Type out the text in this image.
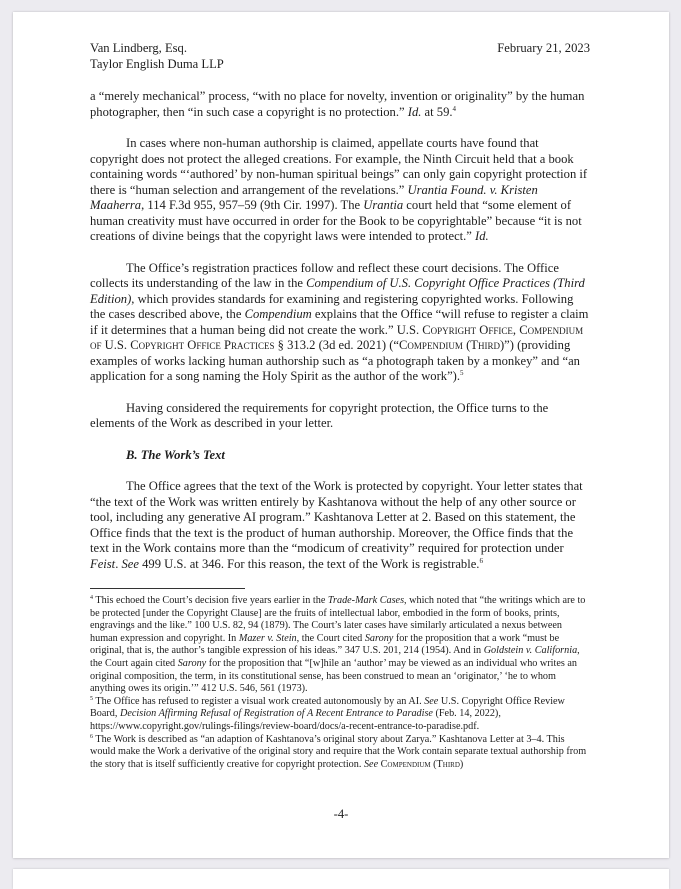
Van Lindberg, Esq.
Taylor English Duma LLP
February 21, 2023

a “merely mechanical” process, “with no place for novelty, invention or originality” by the human photographer, then “in such case a copyright is no protection.” Id. at 59.$^4$

In cases where non-human authorship is claimed, appellate courts have found that copyright does not protect the alleged creations. For example, the Ninth Circuit held that a book containing words “‘authored’ by non-human spiritual beings” can only gain copyright protection if there is “human selection and arrangement of the revelations.” Urantia Found. v. Kristen Maaherra, 114 F.3d 955, 957–59 (9th Cir. 1997). The Urantia court held that “some element of human creativity must have occurred in order for the Book to be copyrightable” because “it is not creations of divine beings that the copyright laws were intended to protect.” Id.

The Office’s registration practices follow and reflect these court decisions. The Office collects its understanding of the law in the Compendium of U.S. Copyright Office Practices (Third Edition), which provides standards for examining and registering copyrighted works. Following the cases described above, the Compendium explains that the Office “will refuse to register a claim if it determines that a human being did not create the work.” U.S. Copyright Office, Compendium of U.S. Copyright Office Practices § 313.2 (3d ed. 2021) (“Compendium (Third)”) (providing examples of works lacking human authorship such as “a photograph taken by a monkey” and “an application for a song naming the Holy Spirit as the author of the work”).$^5$

Having considered the requirements for copyright protection, the Office turns to the elements of the Work as described in your letter.

B. The Work’s Text

The Office agrees that the text of the Work is protected by copyright. Your letter states that “the text of the Work was written entirely by Kashtanova without the help of any other source or tool, including any generative AI program.” Kashtanova Letter at 2. Based on this statement, the Office finds that the text is the product of human authorship. Moreover, the Office finds that the text in the Work contains more than the “modicum of creativity” required for protection under Feist. See 499 U.S. at 346. For this reason, the text of the Work is registrable.$^6$

$^4$ This echoed the Court’s decision five years earlier in the Trade-Mark Cases, which noted that “the writings which are to be protected [under the Copyright Clause] are the fruits of intellectual labor, embodied in the form of books, prints, engravings and the like.” 100 U.S. 82, 94 (1879). The Court’s later cases have similarly articulated a nexus between human expression and copyright. In Mazer v. Stein, the Court cited Sarony for the proposition that a work “must be original, that is, the author’s tangible expression of his ideas.” 347 U.S. 201, 214 (1954). And in Goldstein v. California, the Court again cited Sarony for the proposition that “[w]hile an ‘author’ may be viewed as an individual who writes an original composition, the term, in its constitutional sense, has been construed to mean an ‘originator,’ ‘he to whom anything owes its origin.’” 412 U.S. 546, 561 (1973).

$^5$ The Office has refused to register a visual work created autonomously by an AI. See U.S. Copyright Office Review Board, Decision Affirming Refusal of Registration of A Recent Entrance to Paradise (Feb. 14, 2022), https://www.copyright.gov/rulings-filings/review-board/docs/a-recent-entrance-to-paradise.pdf.

$^6$ The Work is described as “an adaption of Kashtanova’s original story about Zarya.” Kashtanova Letter at 3–4. This would make the Work a derivative of the original story and require that the Work contain separate textual authorship from the story that is itself sufficiently creative for copyright protection. See Compendium (Third)

-4-
